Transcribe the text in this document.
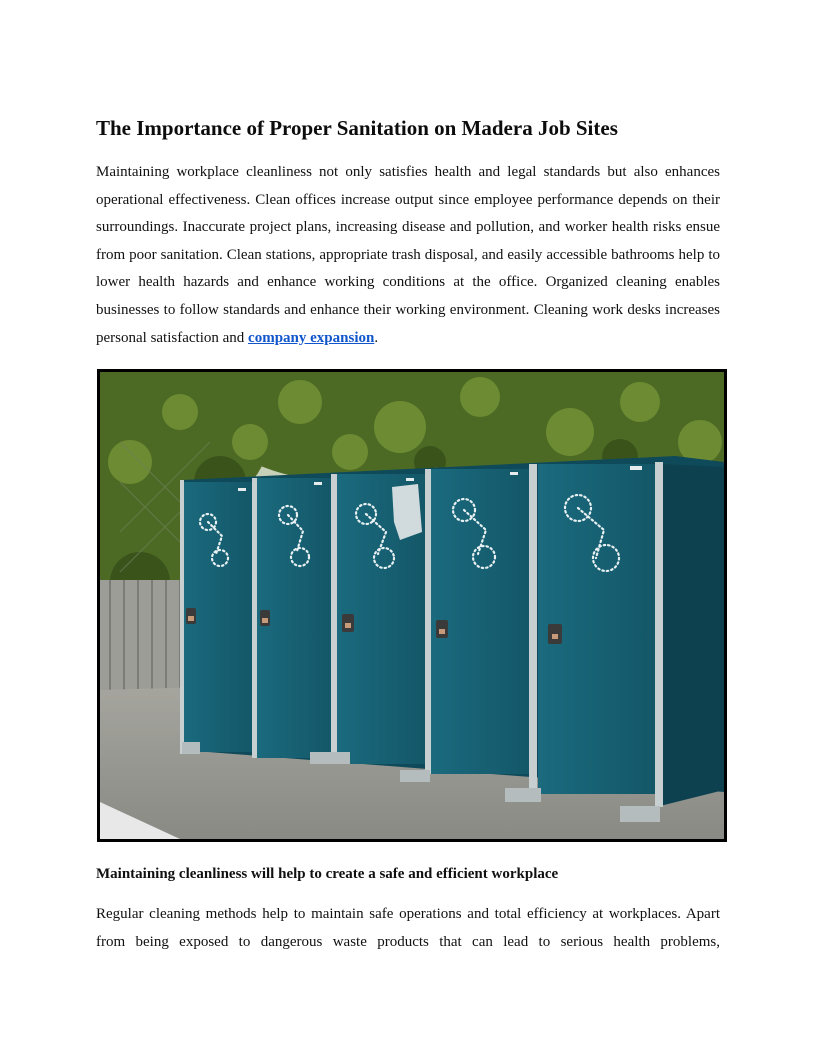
The Importance of Proper Sanitation on Madera Job Sites

Maintaining workplace cleanliness not only satisfies health and legal standards but also enhances operational effectiveness. Clean offices increase output since employee performance depends on their surroundings. Inaccurate project plans, increasing disease and pollution, and worker health risks ensue from poor sanitation. Clean stations, appropriate trash disposal, and easily accessible bathrooms help to lower health hazards and enhance working conditions at the office. Organized cleaning enables businesses to follow standards and enhance their working environment. Cleaning work desks increases personal satisfaction and company expansion.

Maintaining cleanliness will help to create a safe and efficient workplace

Regular cleaning methods help to maintain safe operations and total efficiency at workplaces. Apart from being exposed to dangerous waste products that can lead to serious health problems,
